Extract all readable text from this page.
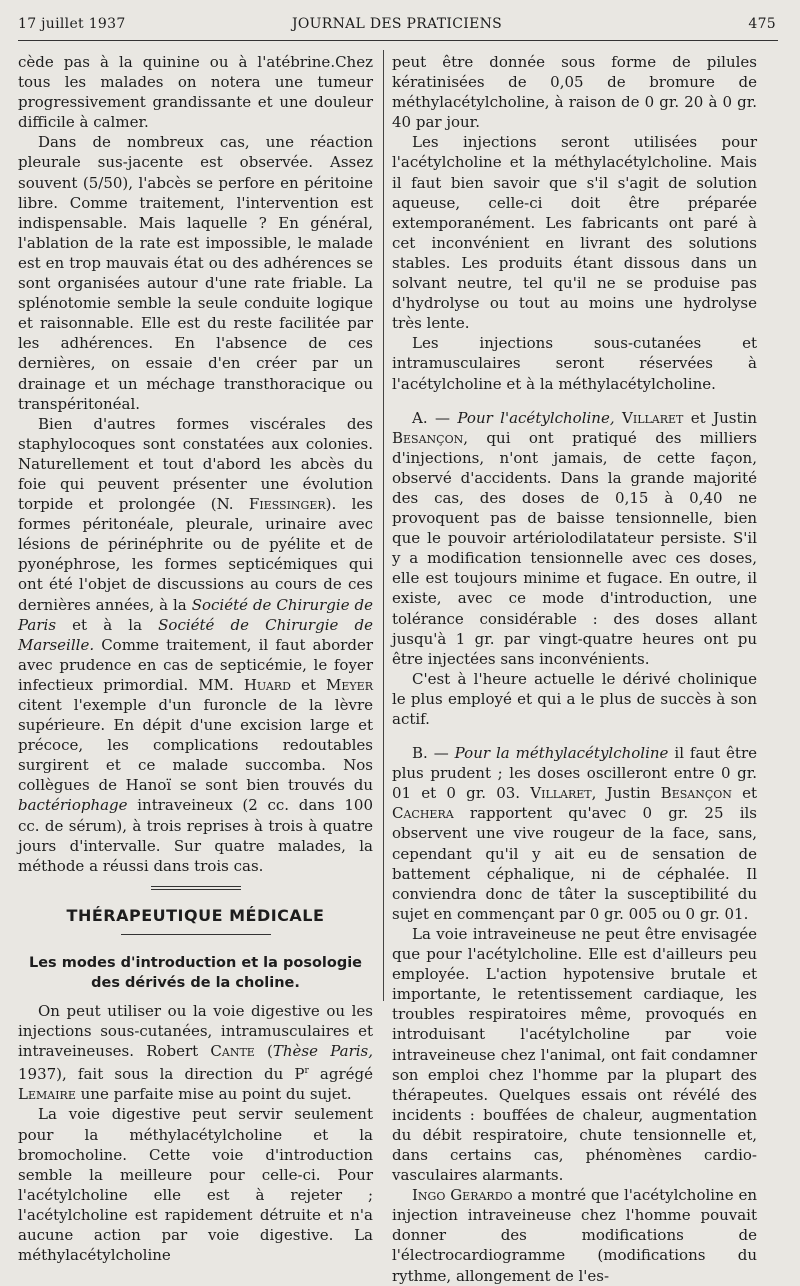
17 juillet 1937	JOURNAL DES PRATICIENS	475

cède pas à la quinine ou à l'atébrine.Chez tous les malades on notera une tumeur progressivement grandissante et une douleur difficile à calmer.

Dans de nombreux cas, une réaction pleurale sus-jacente est observée. Assez souvent (5/50), l'abcès se perfore en péritoine libre. Comme traitement, l'intervention est indispensable. Mais laquelle ? En général, l'ablation de la rate est impossible, le malade est en trop mauvais état ou des adhérences se sont organisées autour d'une rate friable. La splénotomie semble la seule conduite logique et raisonnable. Elle est du reste facilitée par les adhérences. En l'absence de ces dernières, on essaie d'en créer par un drainage et un méchage transthoracique ou transpéritonéal.

Bien d'autres formes viscérales des staphylocoques sont constatées aux colonies. Naturellement et tout d'abord les abcès du foie qui peuvent présenter une évolution torpide et prolongée (N. Fiessinger). les formes péritonéale, pleurale, urinaire avec lésions de périnéphrite ou de pyélite et de pyonéphrose, les formes septicémiques qui ont été l'objet de discussions au cours de ces dernières années, à la Société de Chirurgie de Paris et à la Société de Chirurgie de Marseille. Comme traitement, il faut aborder avec prudence en cas de septicémie, le foyer infectieux primordial. MM. Huard et Meyer citent l'exemple d'un furoncle de la lèvre supérieure. En dépit d'une excision large et précoce, les complications redoutables surgirent et ce malade succomba. Nos collègues de Hanoï se sont bien trouvés du bactériophage intraveineux (2 cc. dans 100 cc. de sérum), à trois reprises à trois à quatre jours d'intervalle. Sur quatre malades, la méthode a réussi dans trois cas.

THÉRAPEUTIQUE MÉDICALE
Les modes d'introduction et la posologie des dérivés de la choline.

On peut utiliser ou la voie digestive ou les injections sous-cutanées, intramusculaires et intraveineuses. Robert Cante (Thèse Paris, 1937), fait sous la direction du $P^r$ agrégé Lemaire une parfaite mise au point du sujet.

La voie digestive peut servir seulement pour la méthylacétylcholine et la bromocholine. Cette voie d'introduction semble la meilleure pour celle-ci. Pour l'acétylcholine elle est à rejeter ; l'acétylcholine est rapidement détruite et n'a aucune action par voie digestive. La méthylacétylcholine

peut être donnée sous forme de pilules kératinisées de 0,05 de bromure de méthylacétylcholine, à raison de 0 gr. 20 à 0 gr. 40 par jour.

Les injections seront utilisées pour l'acétylcholine et la méthylacétylcholine. Mais il faut bien savoir que s'il s'agit de solution aqueuse, celle-ci doit être préparée extemporanément. Les fabricants ont paré à cet inconvénient en livrant des solutions stables. Les produits étant dissous dans un solvant neutre, tel qu'il ne se produise pas d'hydrolyse ou tout au moins une hydrolyse très lente.

Les injections sous-cutanées et intramusculaires seront réservées à l'acétylcholine et à la méthylacétylcholine.

A. — Pour l'acétylcholine, Villaret et Justin Besançon, qui ont pratiqué des milliers d'injections, n'ont jamais, de cette façon, observé d'accidents. Dans la grande majorité des cas, des doses de 0,15 à 0,40 ne provoquent pas de baisse tensionnelle, bien que le pouvoir artériolodilatateur persiste. S'il y a modification tensionnelle avec ces doses, elle est toujours minime et fugace. En outre, il existe, avec ce mode d'introduction, une tolérance considérable : des doses allant jusqu'à 1 gr. par vingt-quatre heures ont pu être injectées sans inconvénients.

C'est à l'heure actuelle le dérivé cholinique le plus employé et qui a le plus de succès à son actif.

B. — Pour la méthylacétylcholine il faut être plus prudent ; les doses oscilleront entre 0 gr. 01 et 0 gr. 03. Villaret, Justin Besançon et Cachera rapportent qu'avec 0 gr. 25 ils observent une vive rougeur de la face, sans, cependant qu'il y ait eu de sensation de battement céphalique, ni de céphalée. Il conviendra donc de tâter la susceptibilité du sujet en commençant par 0 gr. 005 ou 0 gr. 01.

La voie intraveineuse ne peut être envisagée que pour l'acétylcholine. Elle est d'ailleurs peu employée. L'action hypotensive brutale et importante, le retentissement cardiaque, les troubles respiratoires même, provoqués en introduisant l'acétylcholine par voie intraveineuse chez l'animal, ont fait condamner son emploi chez l'homme par la plupart des thérapeutes. Quelques essais ont révélé des incidents : bouffées de chaleur, augmentation du débit respiratoire, chute tensionnelle et, dans certains cas, phénomènes cardio-vasculaires alarmants.

Ingo Gerardo a montré que l'acétylcholine en injection intraveineuse chez l'homme pouvait donner des modifications de l'électrocardiogramme (modifications du rythme, allongement de l'es-
